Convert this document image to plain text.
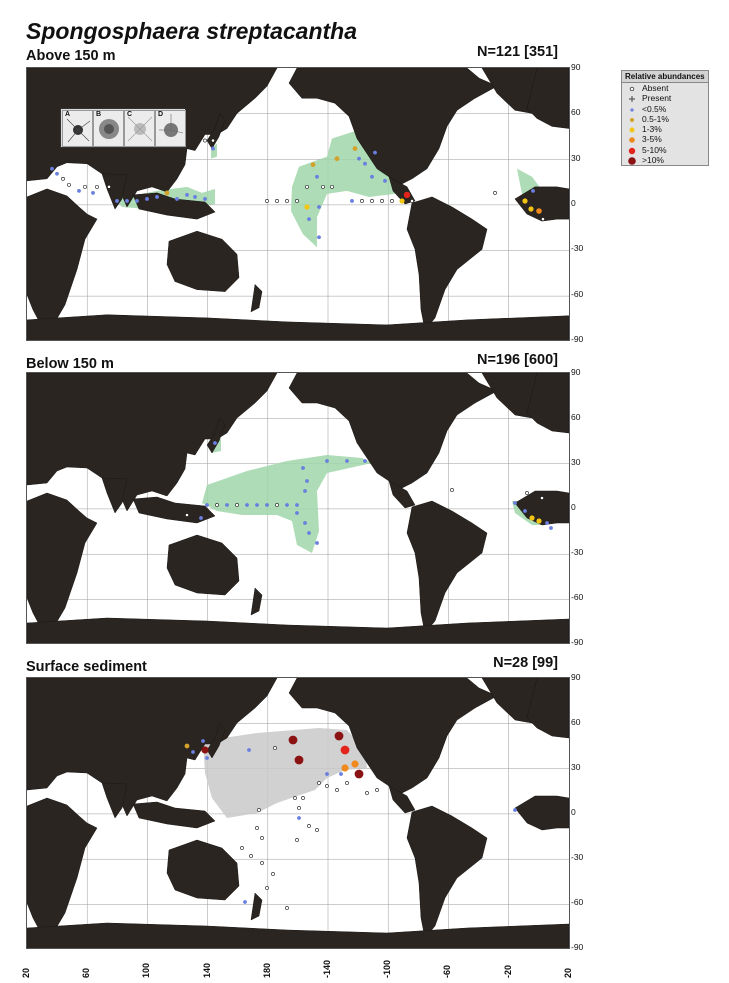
Spongosphaera streptacantha
Above 150 m	N=121 [351]
Below 150 m	N=196 [600]
Surface sediment	N=28 [99]
A	B	C	D
90
60
30
0
-30
-60
-90
90
60
30
0
-30
-60
-90
90
60
30
0
-30
-60
-90
20	60	100	140	180	-140	-100	-60	-20	20
Relative abundances
Absent
Present
<0.5%
0.5-1%
1-3%
3-5%
5-10%
>10%
